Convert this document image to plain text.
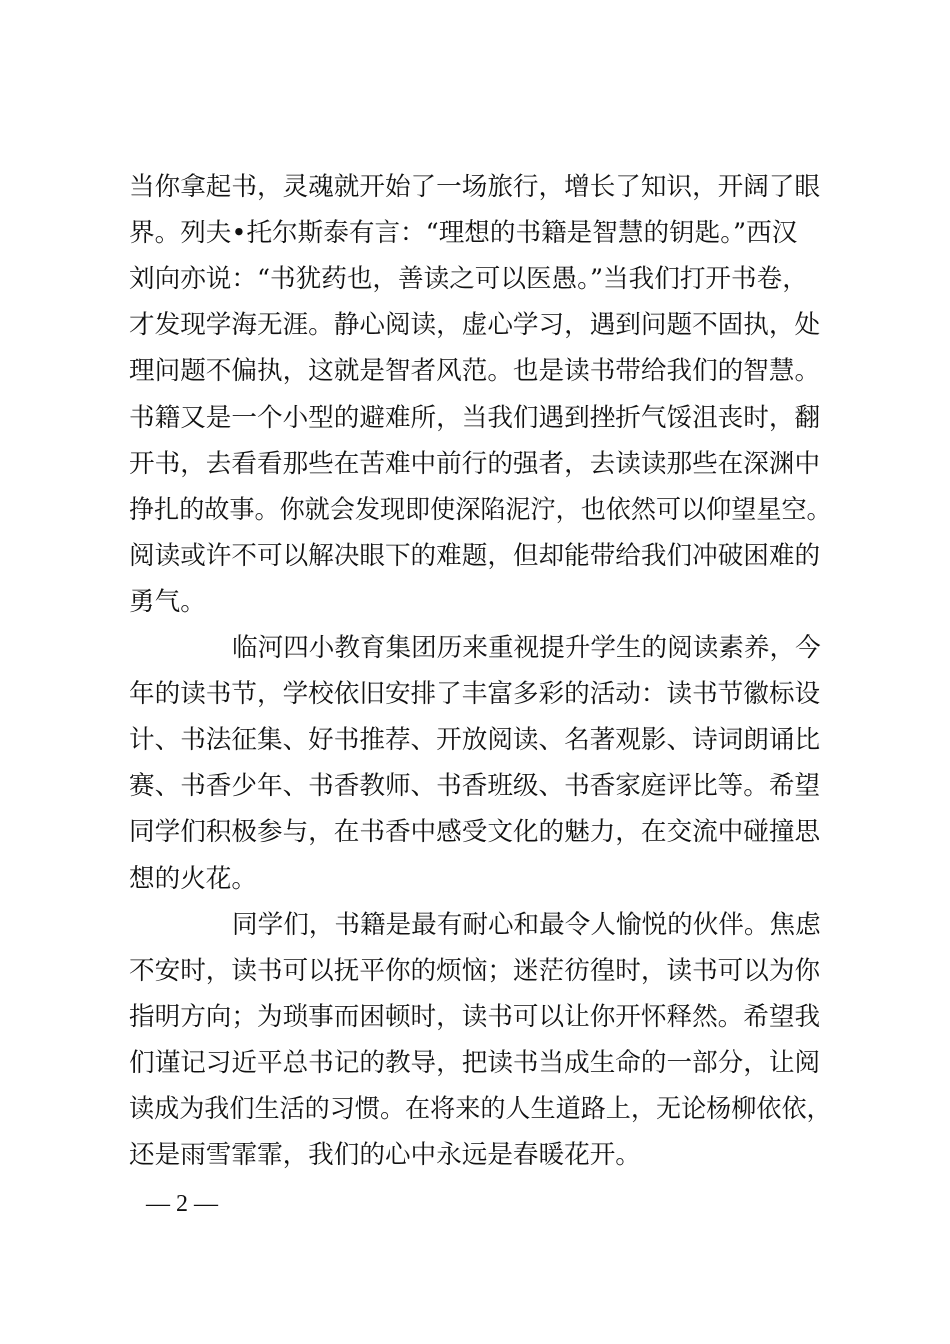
当你拿起书，灵魂就开始了一场旅行，增长了知识，开阔了眼
界。列夫•托尔斯泰有言：“理想的书籍是智慧的钥匙。”西汉
刘向亦说：“书犹药也，善读之可以医愚。”当我们打开书卷，
才发现学海无涯。静心阅读，虚心学习，遇到问题不固执，处
理问题不偏执，这就是智者风范。也是读书带给我们的智慧。
书籍又是一个小型的避难所，当我们遇到挫折气馁沮丧时，翻
开书，去看看那些在苦难中前行的强者，去读读那些在深渊中
挣扎的故事。你就会发现即使深陷泥泞，也依然可以仰望星空。
阅读或许不可以解决眼下的难题，但却能带给我们冲破困难的
勇气。
临河四小教育集团历来重视提升学生的阅读素养，今
年的读书节，学校依旧安排了丰富多彩的活动：读书节徽标设
计、书法征集、好书推荐、开放阅读、名著观影、诗词朗诵比
赛、书香少年、书香教师、书香班级、书香家庭评比等。希望
同学们积极参与，在书香中感受文化的魅力，在交流中碰撞思
想的火花。
同学们，书籍是最有耐心和最令人愉悦的伙伴。焦虑
不安时，读书可以抚平你的烦恼；迷茫彷徨时，读书可以为你
指明方向；为琐事而困顿时，读书可以让你开怀释然。希望我
们谨记习近平总书记的教导，把读书当成生命的一部分，让阅
读成为我们生活的习惯。在将来的人生道路上，无论杨柳依依，
还是雨雪霏霏，我们的心中永远是春暖花开。
— 2 —
